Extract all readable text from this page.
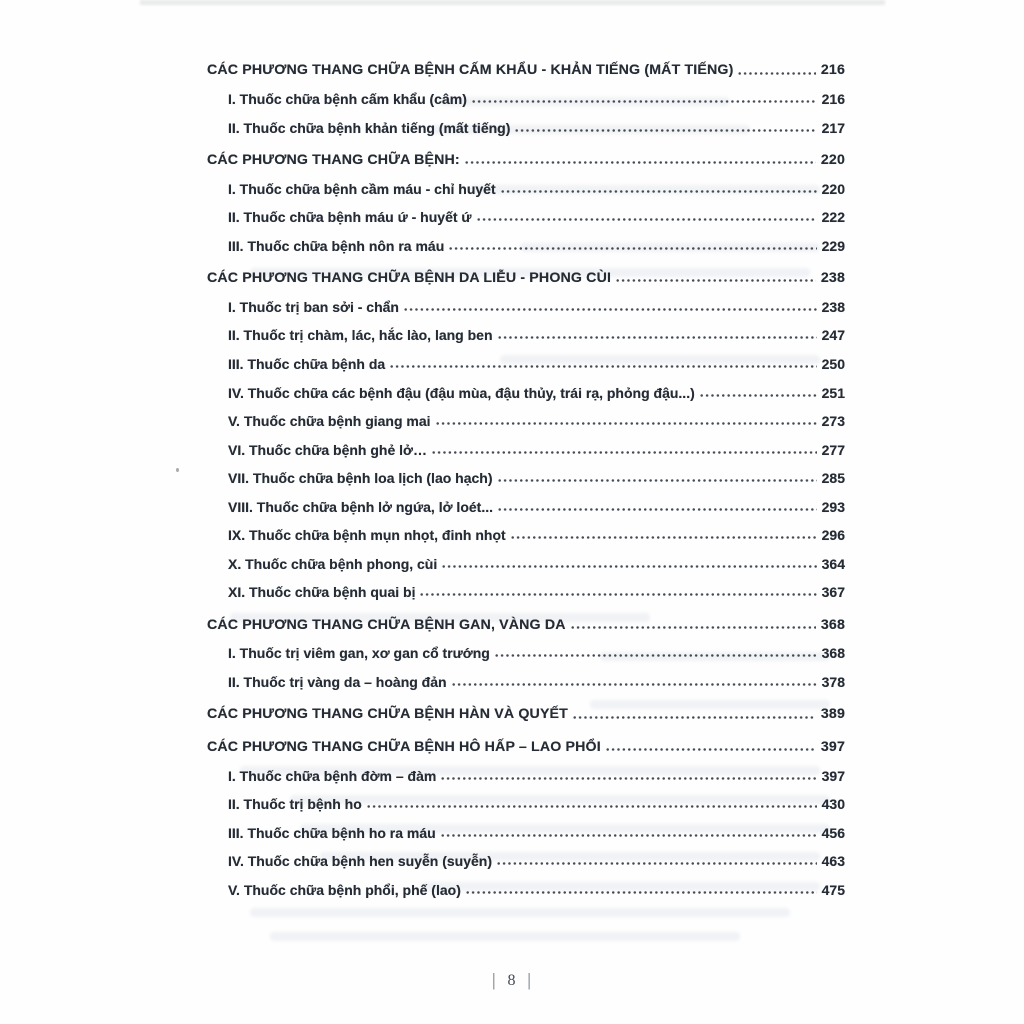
CÁC PHƯƠNG THANG CHỮA BỆNH CẤM KHẨU - KHẢN TIẾNG (MẤT TIẾNG)	216
I. Thuốc chữa bệnh cấm khẩu (câm)	216
II. Thuốc chữa bệnh khản tiếng (mất tiếng)	217
CÁC PHƯƠNG THANG CHỮA BỆNH:	220
I. Thuốc chữa bệnh cầm máu - chỉ huyết	220
II. Thuốc chữa bệnh máu ứ - huyết ứ	222
III. Thuốc chữa bệnh nôn ra máu	229
CÁC PHƯƠNG THANG CHỮA BỆNH DA LIỄU - PHONG CÙI	238
I. Thuốc trị ban sởi - chẩn	238
II. Thuốc trị chàm, lác, hắc lào, lang ben	247
III. Thuốc chữa bệnh da	250
IV. Thuốc chữa các bệnh đậu (đậu mùa, đậu thủy, trái rạ, phỏng đậu...)	251
V. Thuốc chữa bệnh giang mai	273
VI. Thuốc chữa bệnh ghẻ lở…	277
VII. Thuốc chữa bệnh loa lịch (lao hạch)	285
VIII. Thuốc chữa bệnh lở ngứa, lở loét...	293
IX. Thuốc chữa bệnh mụn nhọt, đinh nhọt	296
X. Thuốc chữa bệnh phong, cùi	364
XI. Thuốc chữa bệnh quai bị	367
CÁC PHƯƠNG THANG CHỮA BỆNH GAN, VÀNG DA	368
I. Thuốc trị viêm gan, xơ gan cổ trướng	368
II. Thuốc trị vàng da – hoàng đản	378
CÁC PHƯƠNG THANG CHỮA BỆNH HÀN VÀ QUYẾT	389
CÁC PHƯƠNG THANG CHỮA BỆNH HÔ HẤP – LAO PHỔI	397
I. Thuốc chữa bệnh đờm – đàm	397
II. Thuốc trị bệnh ho	430
III. Thuốc chữa bệnh ho ra máu	456
IV. Thuốc chữa bệnh hen suyễn (suyễn)	463
V. Thuốc chữa bệnh phổi, phế (lao)	475
| 8 |
